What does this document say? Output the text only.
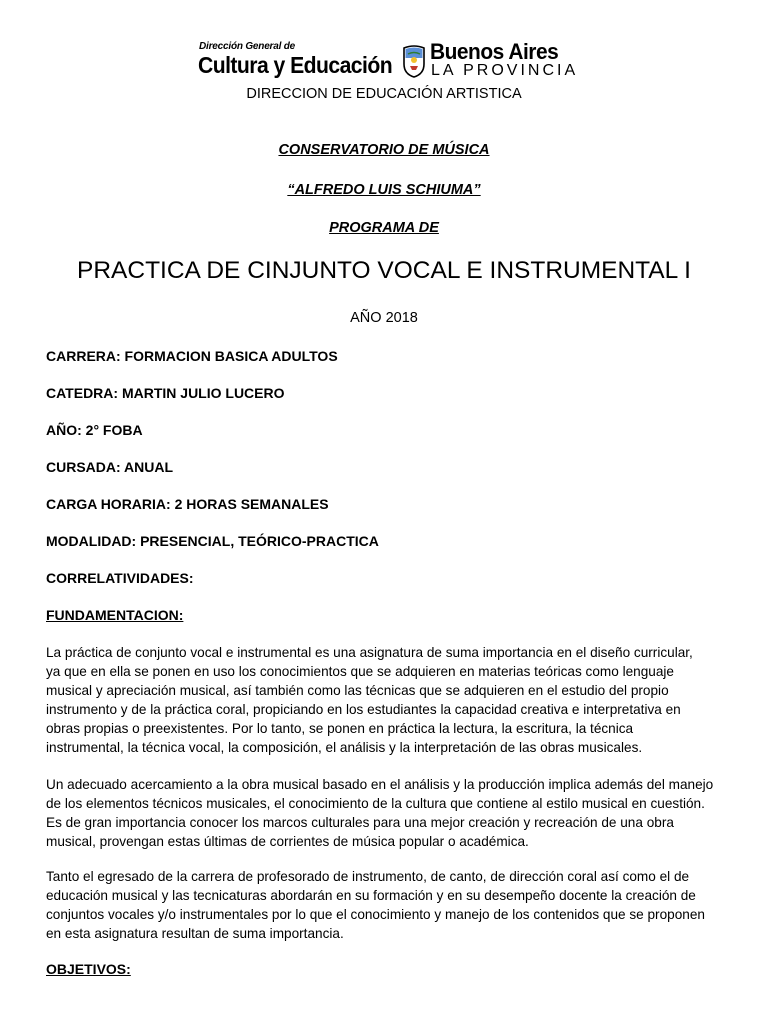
Dirección General de
Cultura y Educación
Buenos Aires
LA PROVINCIA
DIRECCION DE EDUCACIÓN ARTISTICA
CONSERVATORIO DE MÚSICA
“ALFREDO LUIS SCHIUMA”
PROGRAMA DE
PRACTICA DE CINJUNTO VOCAL E INSTRUMENTAL I
AÑO 2018
CARRERA: FORMACION BASICA ADULTOS
CATEDRA: MARTIN JULIO LUCERO
AÑO: 2° FOBA
CURSADA: ANUAL
CARGA HORARIA: 2 HORAS SEMANALES
MODALIDAD: PRESENCIAL, TEÓRICO-PRACTICA
CORRELATIVIDADES:
FUNDAMENTACION:
La práctica de conjunto vocal e instrumental es una asignatura de suma importancia en el diseño curricular,
ya que en ella se ponen en uso los conocimientos que se adquieren en materias teóricas como lenguaje
musical y apreciación musical, así también como las técnicas que se adquieren en el estudio del propio
instrumento y de la práctica coral, propiciando en los estudiantes la capacidad creativa e interpretativa en
obras propias o preexistentes. Por lo tanto, se ponen en práctica la lectura, la escritura, la técnica
instrumental, la técnica vocal, la composición, el análisis y la interpretación de las obras musicales.
Un adecuado acercamiento a la obra musical basado en el análisis y la producción implica además del manejo
de los elementos técnicos musicales, el conocimiento de la cultura que contiene al estilo musical en cuestión.
Es de gran importancia conocer los marcos culturales para una mejor creación y recreación de una obra
musical, provengan estas últimas de corrientes de música popular o académica.
Tanto el egresado de la carrera de profesorado de instrumento, de canto, de dirección coral así como el de
educación musical y las tecnicaturas abordarán en su formación y en su desempeño docente la creación de
conjuntos vocales y/o instrumentales por lo que el conocimiento y manejo de los contenidos que se proponen
en esta asignatura resultan de suma importancia.
OBJETIVOS:
